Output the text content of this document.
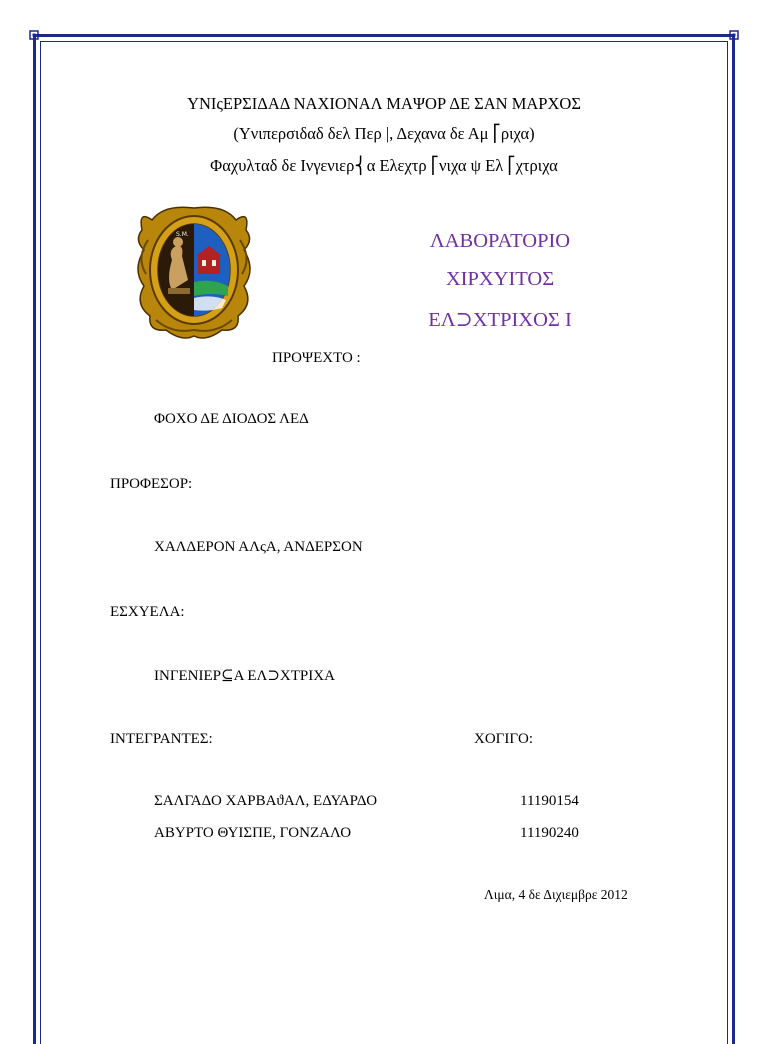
ΥΝΙςΕΡΣΙΔΑΔ ΝΑΧΙΟΝΑΛ ΜΑΨΟΡ ΔΕ ΣΑΝ ΜΑΡΧΟΣ
(Υνιπερσιδαδ δελ Περ |, Δεχανα δε Αμ ⎡ριχα)
Φαχυλταδ δε Ινγενιερ⎨α Ελεχτρ ⎡νιχα ψ Ελ ⎡χτριχα
S.M.	ΛΑΒΟΡΑΤΟΡΙΟ
ΧΙΡΧΥΙΤΟΣ
ΕΛ⊃ΧΤΡΙΧΟΣ Ι
ΠΡΟΨΕΧΤΟ :
ΦΟΧΟ ΔΕ ΔΙΟΔΟΣ ΛΕΔ
ΠΡΟΦΕΣΟΡ:
ΧΑΛΔΕΡΟΝ ΑΛςΑ, ΑΝΔΕΡΣΟΝ
ΕΣΧΥΕΛΑ:
ΙΝΓΕΝΙΕΡ⊆Α ΕΛ⊃ΧΤΡΙΧΑ
ΙΝΤΕΓΡΑΝΤΕΣ:	ΧΟΓΙΓΟ:
ΣΑΛΓΑΔΟ ΧΑΡΒΑϑΑΛ, ΕΔΥΑΡΔΟ	11190154
ΑΒΥΡΤΟ ΘΥΙΣΠΕ, ΓΟΝΖΑΛΟ	11190240
Λιμα, 4 δε Διχιεμβρε 2012
